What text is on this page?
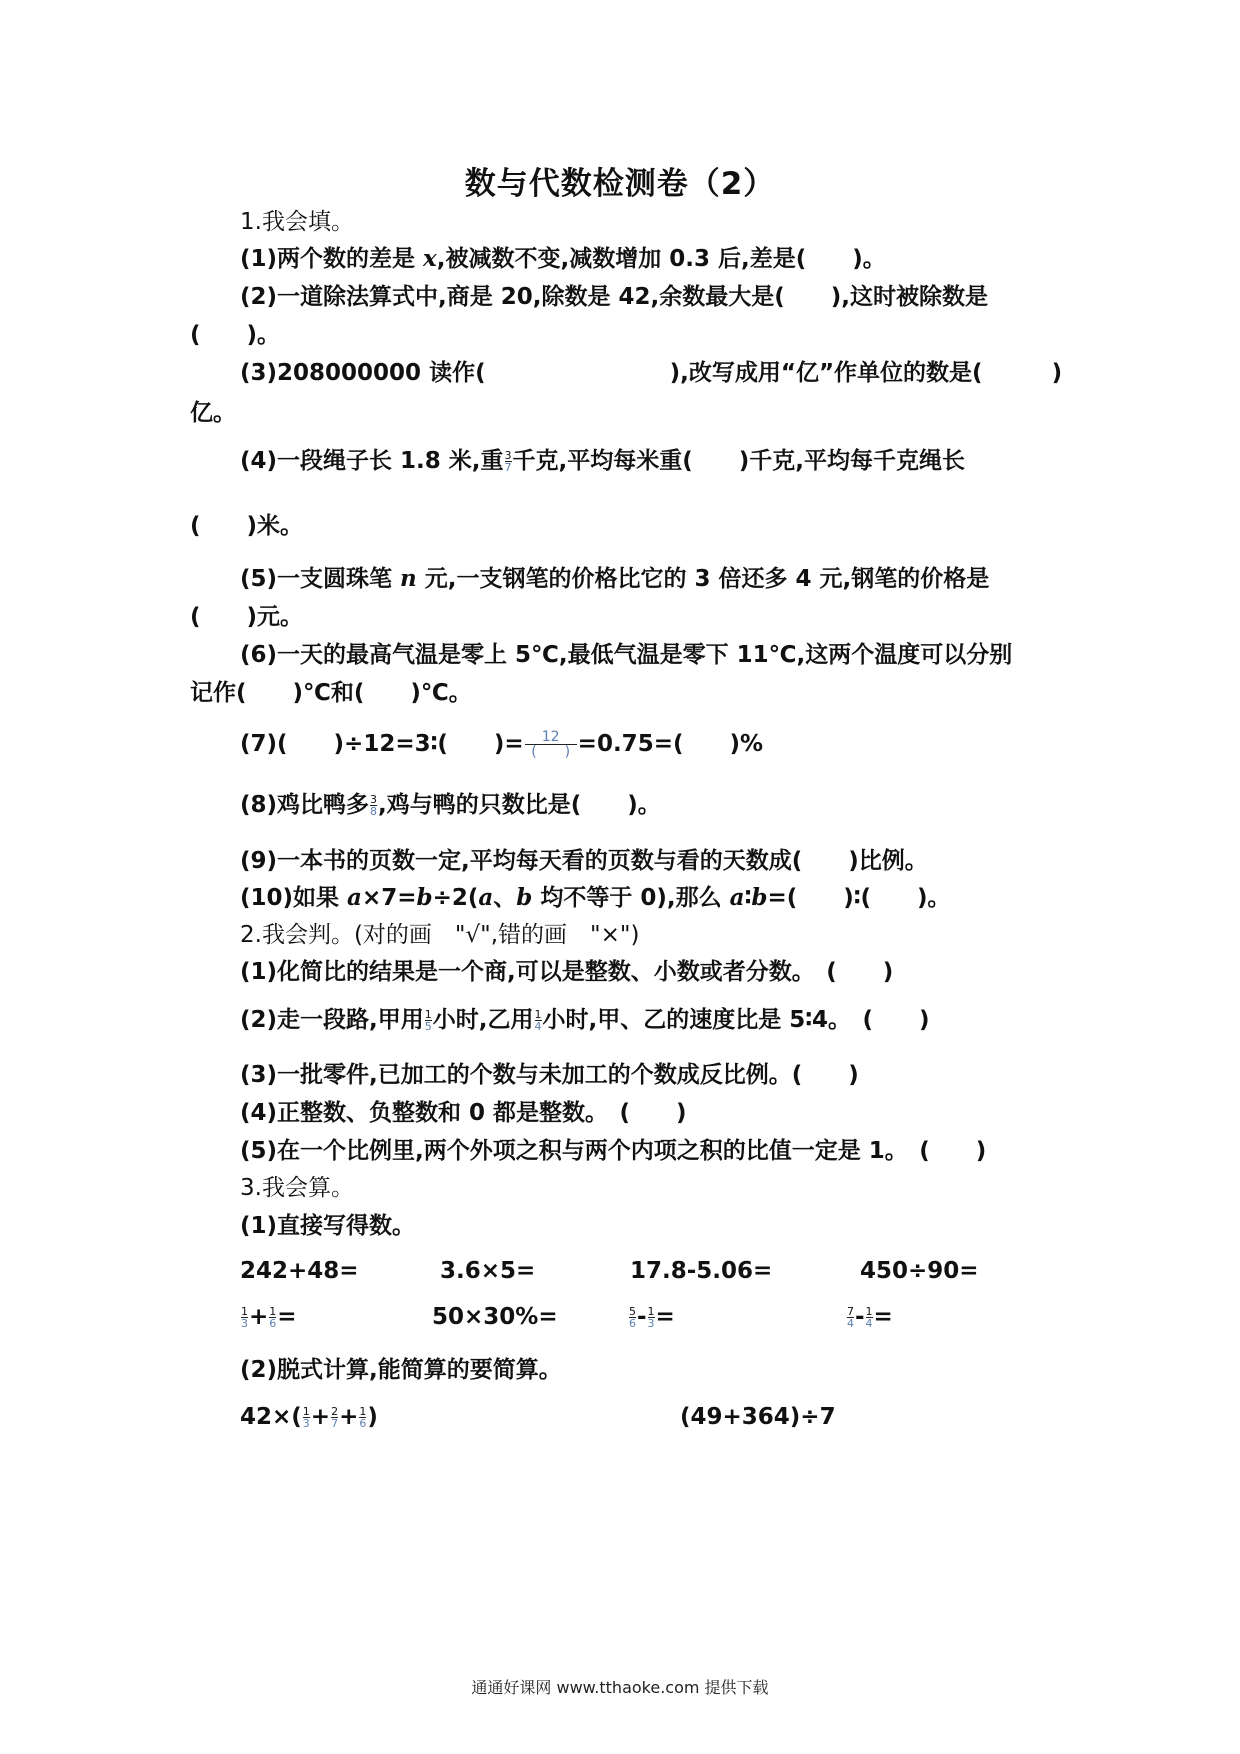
数与代数检测卷（2）
1.我会填。
(1)两个数的差是 x,被减数不变,减数增加 0.3 后,差是(　　)。
(2)一道除法算式中,商是 20,除数是 42,余数最大是(　　),这时被除数是
(　　)。
(3)208000000 读作(　　　　　　　　),改写成用“亿”作单位的数是(　　　)
亿。
(4)一段绳子长 1.8 米,重 $\frac{3}{7}$ 千克,平均每米重(　　)千克,平均每千克绳长
(　　)米。
(5)一支圆珠笔 n 元,一支钢笔的价格比它的 3 倍还多 4 元,钢笔的价格是
(　　)元。
(6)一天的最高气温是零上 5℃,最低气温是零下 11℃,这两个温度可以分别
记作(　　)℃和(　　)℃。
(7)(　　)÷12=3∶(　　)= $\frac{12}{( )} =0.75=$(　　)%
(8)鸡比鸭多 $\frac{3}{8}$ ,鸡与鸭的只数比是(　　)。
(9)一本书的页数一定,平均每天看的页数与看的天数成(　　)比例。
(10)如果 a×7=b÷2(a、b 均不等于 0),那么 a∶b=(　　)∶(　　)。
2.我会判。(对的画　"√",错的画　"×")
(1)化简比的结果是一个商,可以是整数、小数或者分数。　(　　)
(2)走一段路,甲用 $\frac{1}{5}$ 小时,乙用 $\frac{1}{4}$ 小时,甲、乙的速度比是 5∶4。　(　　)
(3)一批零件,已加工的个数与未加工的个数成反比例。(　　)
(4)正整数、负整数和 0 都是整数。　(　　)
(5)在一个比例里,两个外项之积与两个内项之积的比值一定是 1。　(　　)
3.我会算。
(1)直接写得数。
242+48=	3.6×5=	17.8-5.06=	450÷90=
$\frac{1}{3} + \frac{1}{6}$ =	50×30%=	$\frac{5}{6} - \frac{1}{3}$ =	$\frac{7}{4} - \frac{1}{4}$ =
(2)脱式计算,能简算的要简算。
$42\times( \frac{1}{3} + \frac{2}{7} + \frac{1}{6}$ )	(49+364)÷7
通通好课网 www.tthaoke.com 提供下载
